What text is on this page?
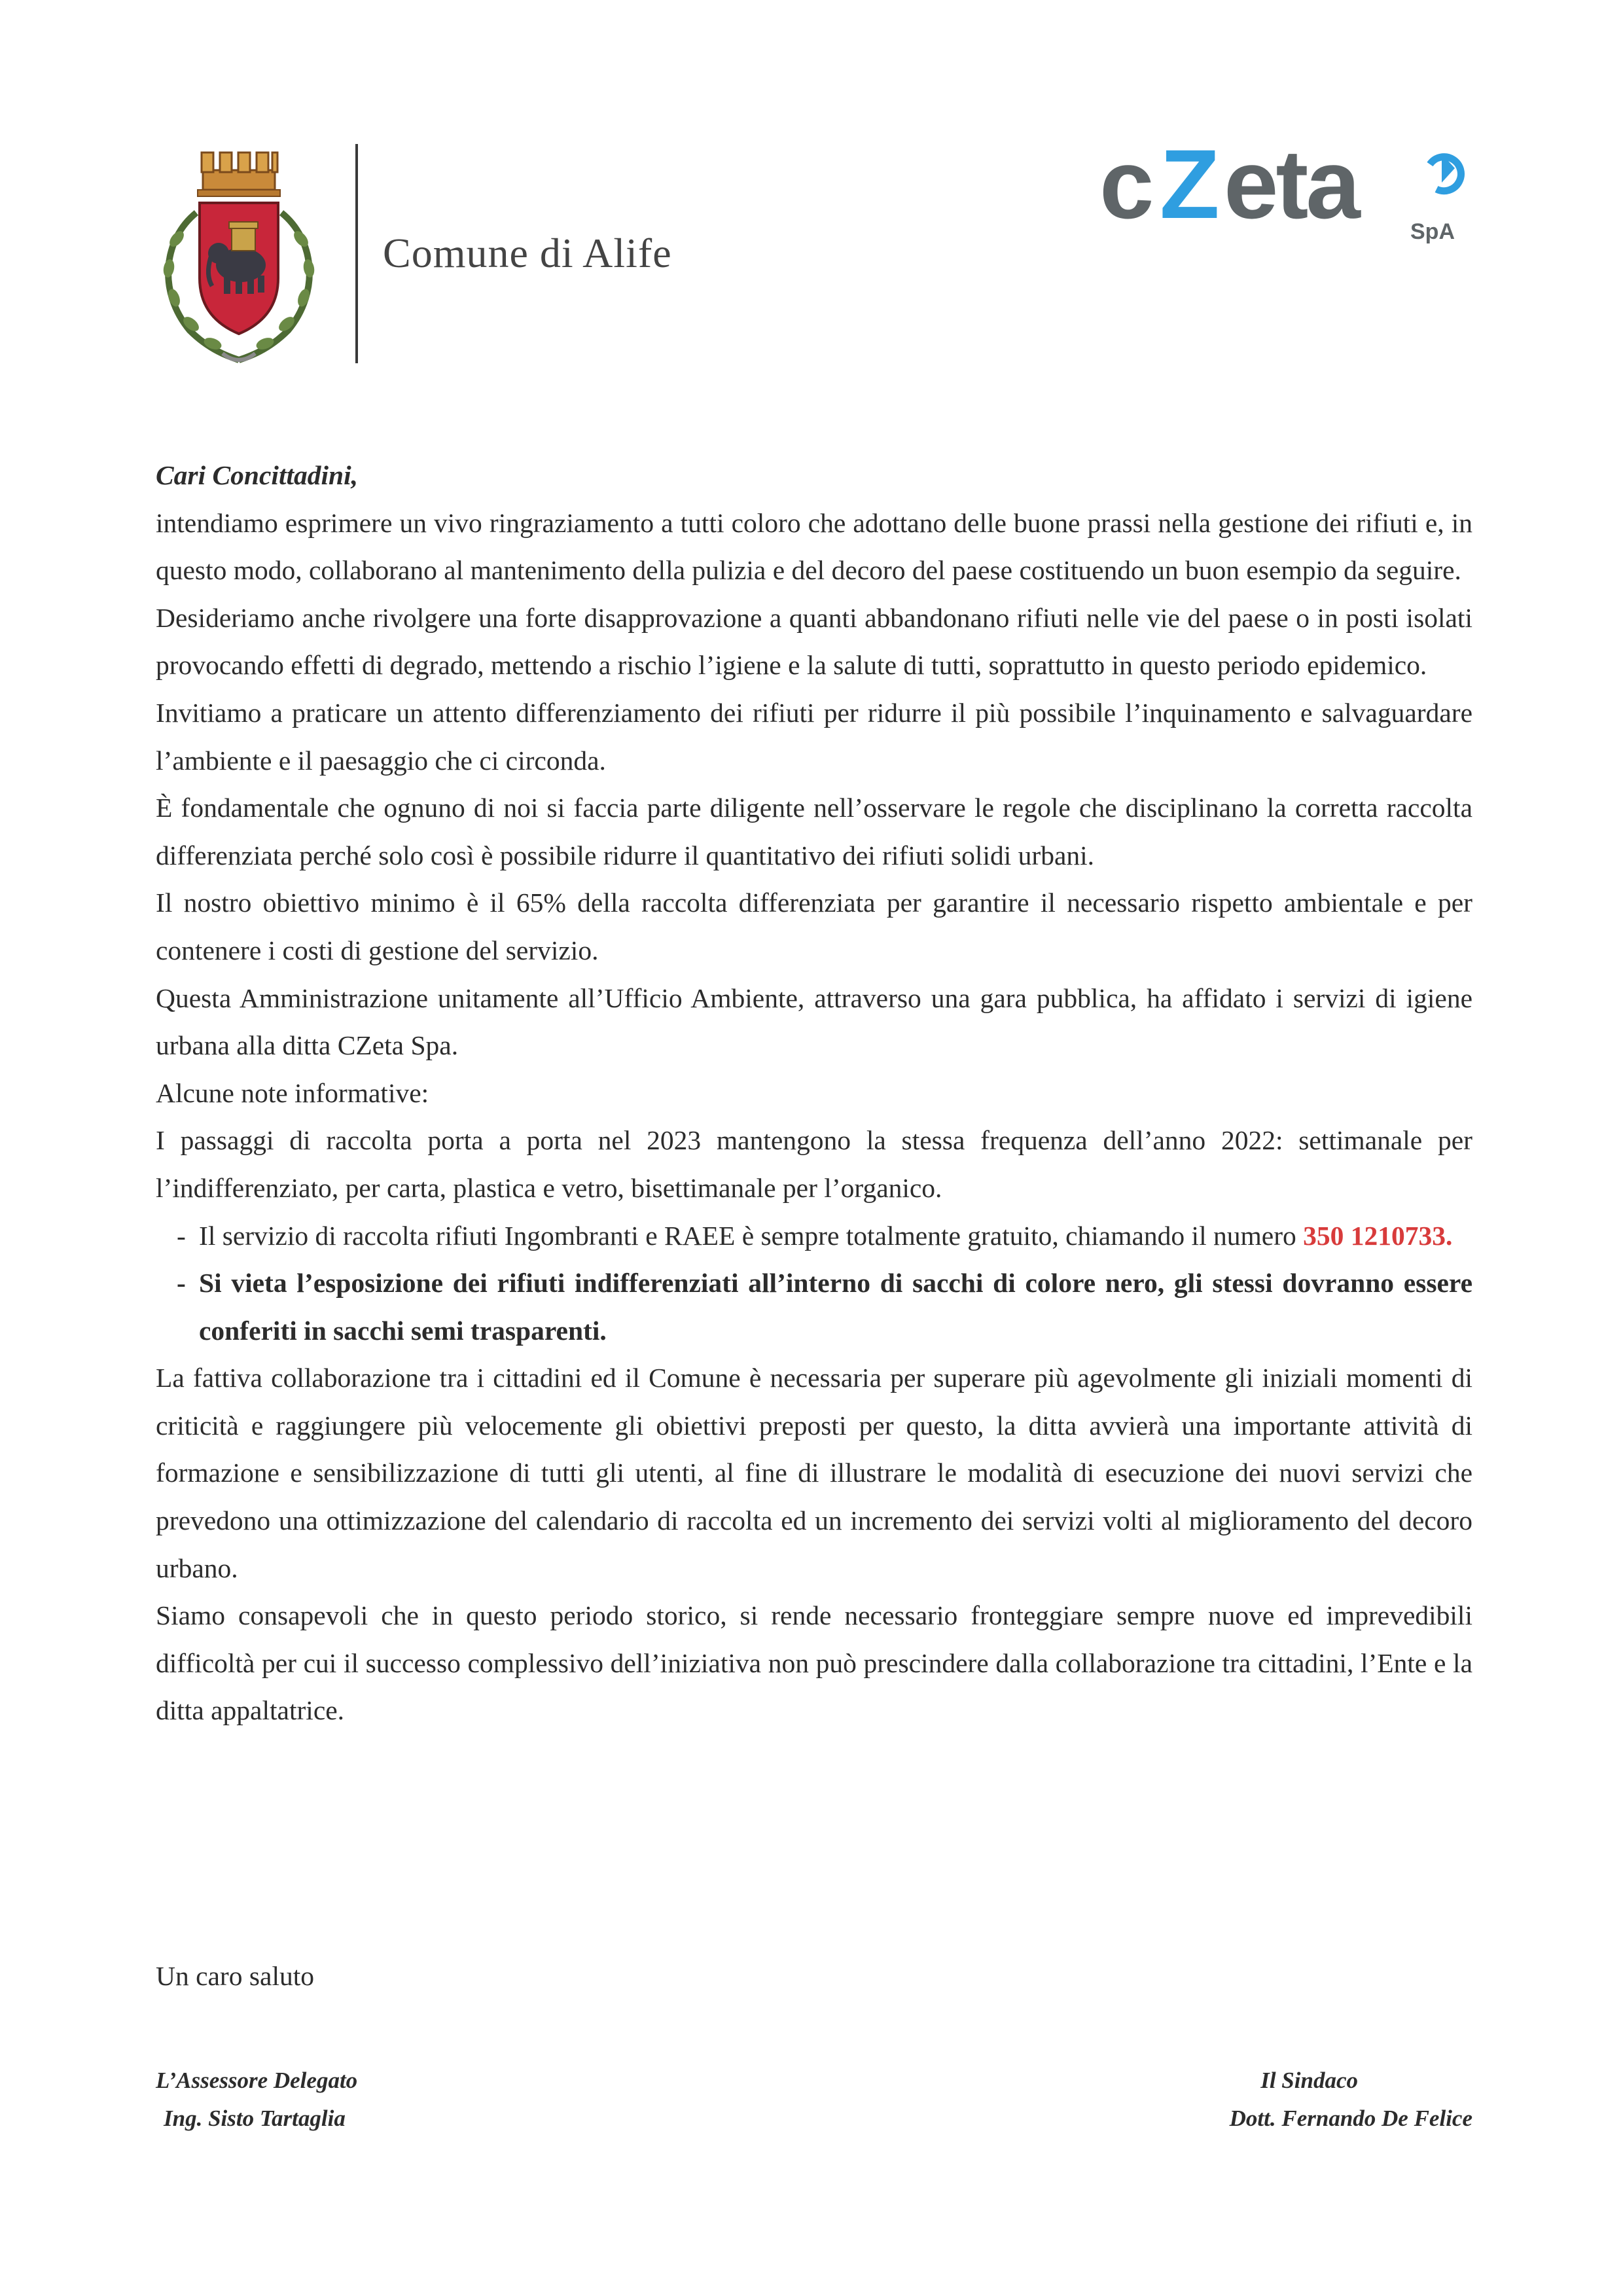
Comune di Alife
c Z eta SpA

Cari Concittadini,

intendiamo esprimere un vivo ringraziamento a tutti coloro che adottano delle buone prassi nella gestione dei rifiuti e, in questo modo, collaborano al mantenimento della pulizia e del decoro del paese costituendo un buon esempio da seguire.

Desideriamo anche rivolgere una forte disapprovazione a quanti abbandonano rifiuti nelle vie del paese o in posti isolati provocando effetti di degrado, mettendo a rischio l’igiene e la salute di tutti, soprattutto in questo periodo epidemico.

Invitiamo a praticare un attento differenziamento dei rifiuti per ridurre il più possibile l’inquinamento e salvaguardare l’ambiente e il paesaggio che ci circonda.

È fondamentale che ognuno di noi si faccia parte diligente nell’osservare le regole che disciplinano la corretta raccolta differenziata perché solo così è possibile ridurre il quantitativo dei rifiuti solidi urbani.

Il nostro obiettivo minimo è il 65% della raccolta differenziata per garantire il necessario rispetto ambientale e per contenere i costi di gestione del servizio.

Questa Amministrazione unitamente all’Ufficio Ambiente, attraverso una gara pubblica, ha affidato i servizi di igiene urbana alla ditta CZeta Spa.

Alcune note informative:

I passaggi di raccolta porta a porta nel 2023 mantengono la stessa frequenza dell’anno 2022: settimanale per l’indifferenziato, per carta, plastica e vetro, bisettimanale per l’organico.

- Il servizio di raccolta rifiuti Ingombranti e RAEE è sempre totalmente gratuito, chiamando il numero 350 1210733.
- Si vieta l’esposizione dei rifiuti indifferenziati all’interno di sacchi di colore nero, gli stessi dovranno essere conferiti in sacchi semi trasparenti.

La fattiva collaborazione tra i cittadini ed il Comune è necessaria per superare più agevolmente gli iniziali momenti di criticità e raggiungere più velocemente gli obiettivi preposti per questo, la ditta avvierà una importante attività di formazione e sensibilizzazione di tutti gli utenti, al fine di illustrare le modalità di esecuzione dei nuovi servizi che prevedono una ottimizzazione del calendario di raccolta ed un incremento dei servizi volti al miglioramento del decoro urbano.

Siamo consapevoli che in questo periodo storico, si rende necessario fronteggiare sempre nuove ed imprevedibili difficoltà per cui il successo complessivo dell’iniziativa non può prescindere dalla collaborazione tra cittadini, l’Ente e la ditta appaltatrice.

Un caro saluto
L’Assessore Delegato
Ing. Sisto Tartaglia
Il Sindaco
Dott. Fernando De Felice
